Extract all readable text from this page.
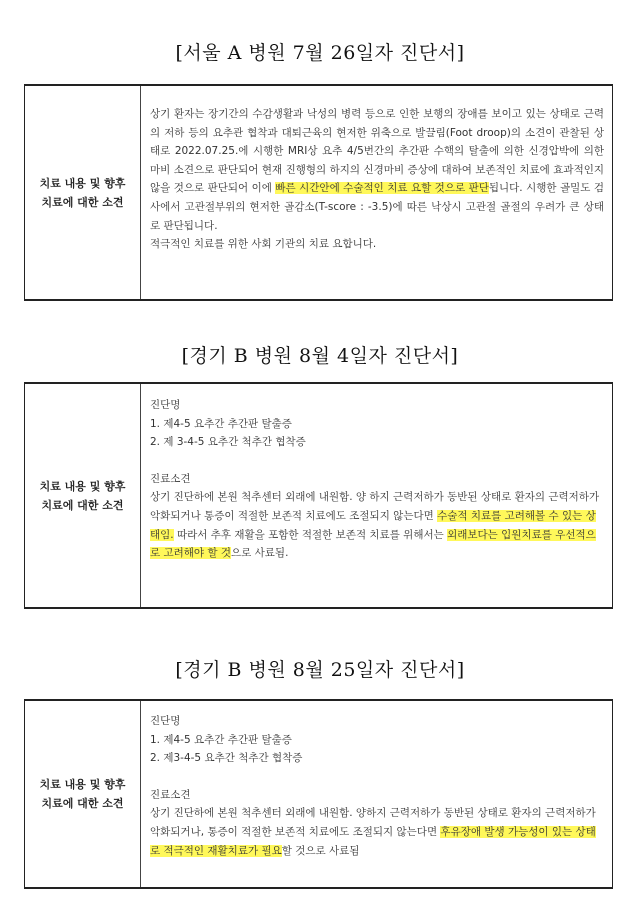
[서울 A 병원 7월 26일자 진단서]
치료 내용 및 향후
치료에 대한 소견
상기 환자는 장기간의 수감생활과 낙성의 병력 등으로 인한 보행의 장애를 보이고 있는 상태로 근력의 저하 등의 요추관 협착과 대퇴근육의 현저한 위축으로 발끌림(Foot droop)의 소견이 관찰된 상태로 2022.07.25.에 시행한 MRI상 요추 4/5번간의 추간판 수핵의 탈출에 의한 신경압박에 의한 마비 소견으로 판단되어 현재 진행형의 하지의 신경마비 증상에 대하여 보존적인 치료에 효과적인지 않을 것으로 판단되어 이에 빠른 시간안에 수술적인 치료 요할 것으로 판단됩니다. 시행한 골밀도 검사에서 고관절부위의 현저한 골감소(T-score : -3.5)에 따른 낙상시 고관절 골절의 우려가 큰 상태로 판단됩니다.
적극적인 치료를 위한 사회 기관의 치료 요합니다.
[경기 B 병원 8월 4일자 진단서]
치료 내용 및 향후
치료에 대한 소견
진단명
1. 제4-5 요추간 추간판 탈출증
2. 제 3-4-5 요추간 척추간 협착증
진료소견
상기 진단하에 본원 척추센터 외래에 내원함. 양 하지 근력저하가 동반된 상태로 환자의 근력저하가 악화되거나 통증이 적절한 보존적 치료에도 조절되지 않는다면 수술적 치료를 고려해볼 수 있는 상태임. 따라서 추후 재활을 포함한 적절한 보존적 치료를 위해서는 외래보다는 입원치료를 우선적으로 고려해야 할 것으로 사료됨.
[경기 B 병원 8월 25일자 진단서]
치료 내용 및 향후
치료에 대한 소견
진단명
1. 제4-5 요추간 추간판 탈출증
2. 제3-4-5 요추간 척추간 협착증
진료소견
상기 진단하에 본원 척추센터 외래에 내원함. 양하지 근력저하가 동반된 상태로 환자의 근력저하가 악화되거나, 통증이 적절한 보존적 치료에도 조절되지 않는다면 후유장애 발생 가능성이 있는 상태로 적극적인 재활치료가 필요할 것으로 사료됨
